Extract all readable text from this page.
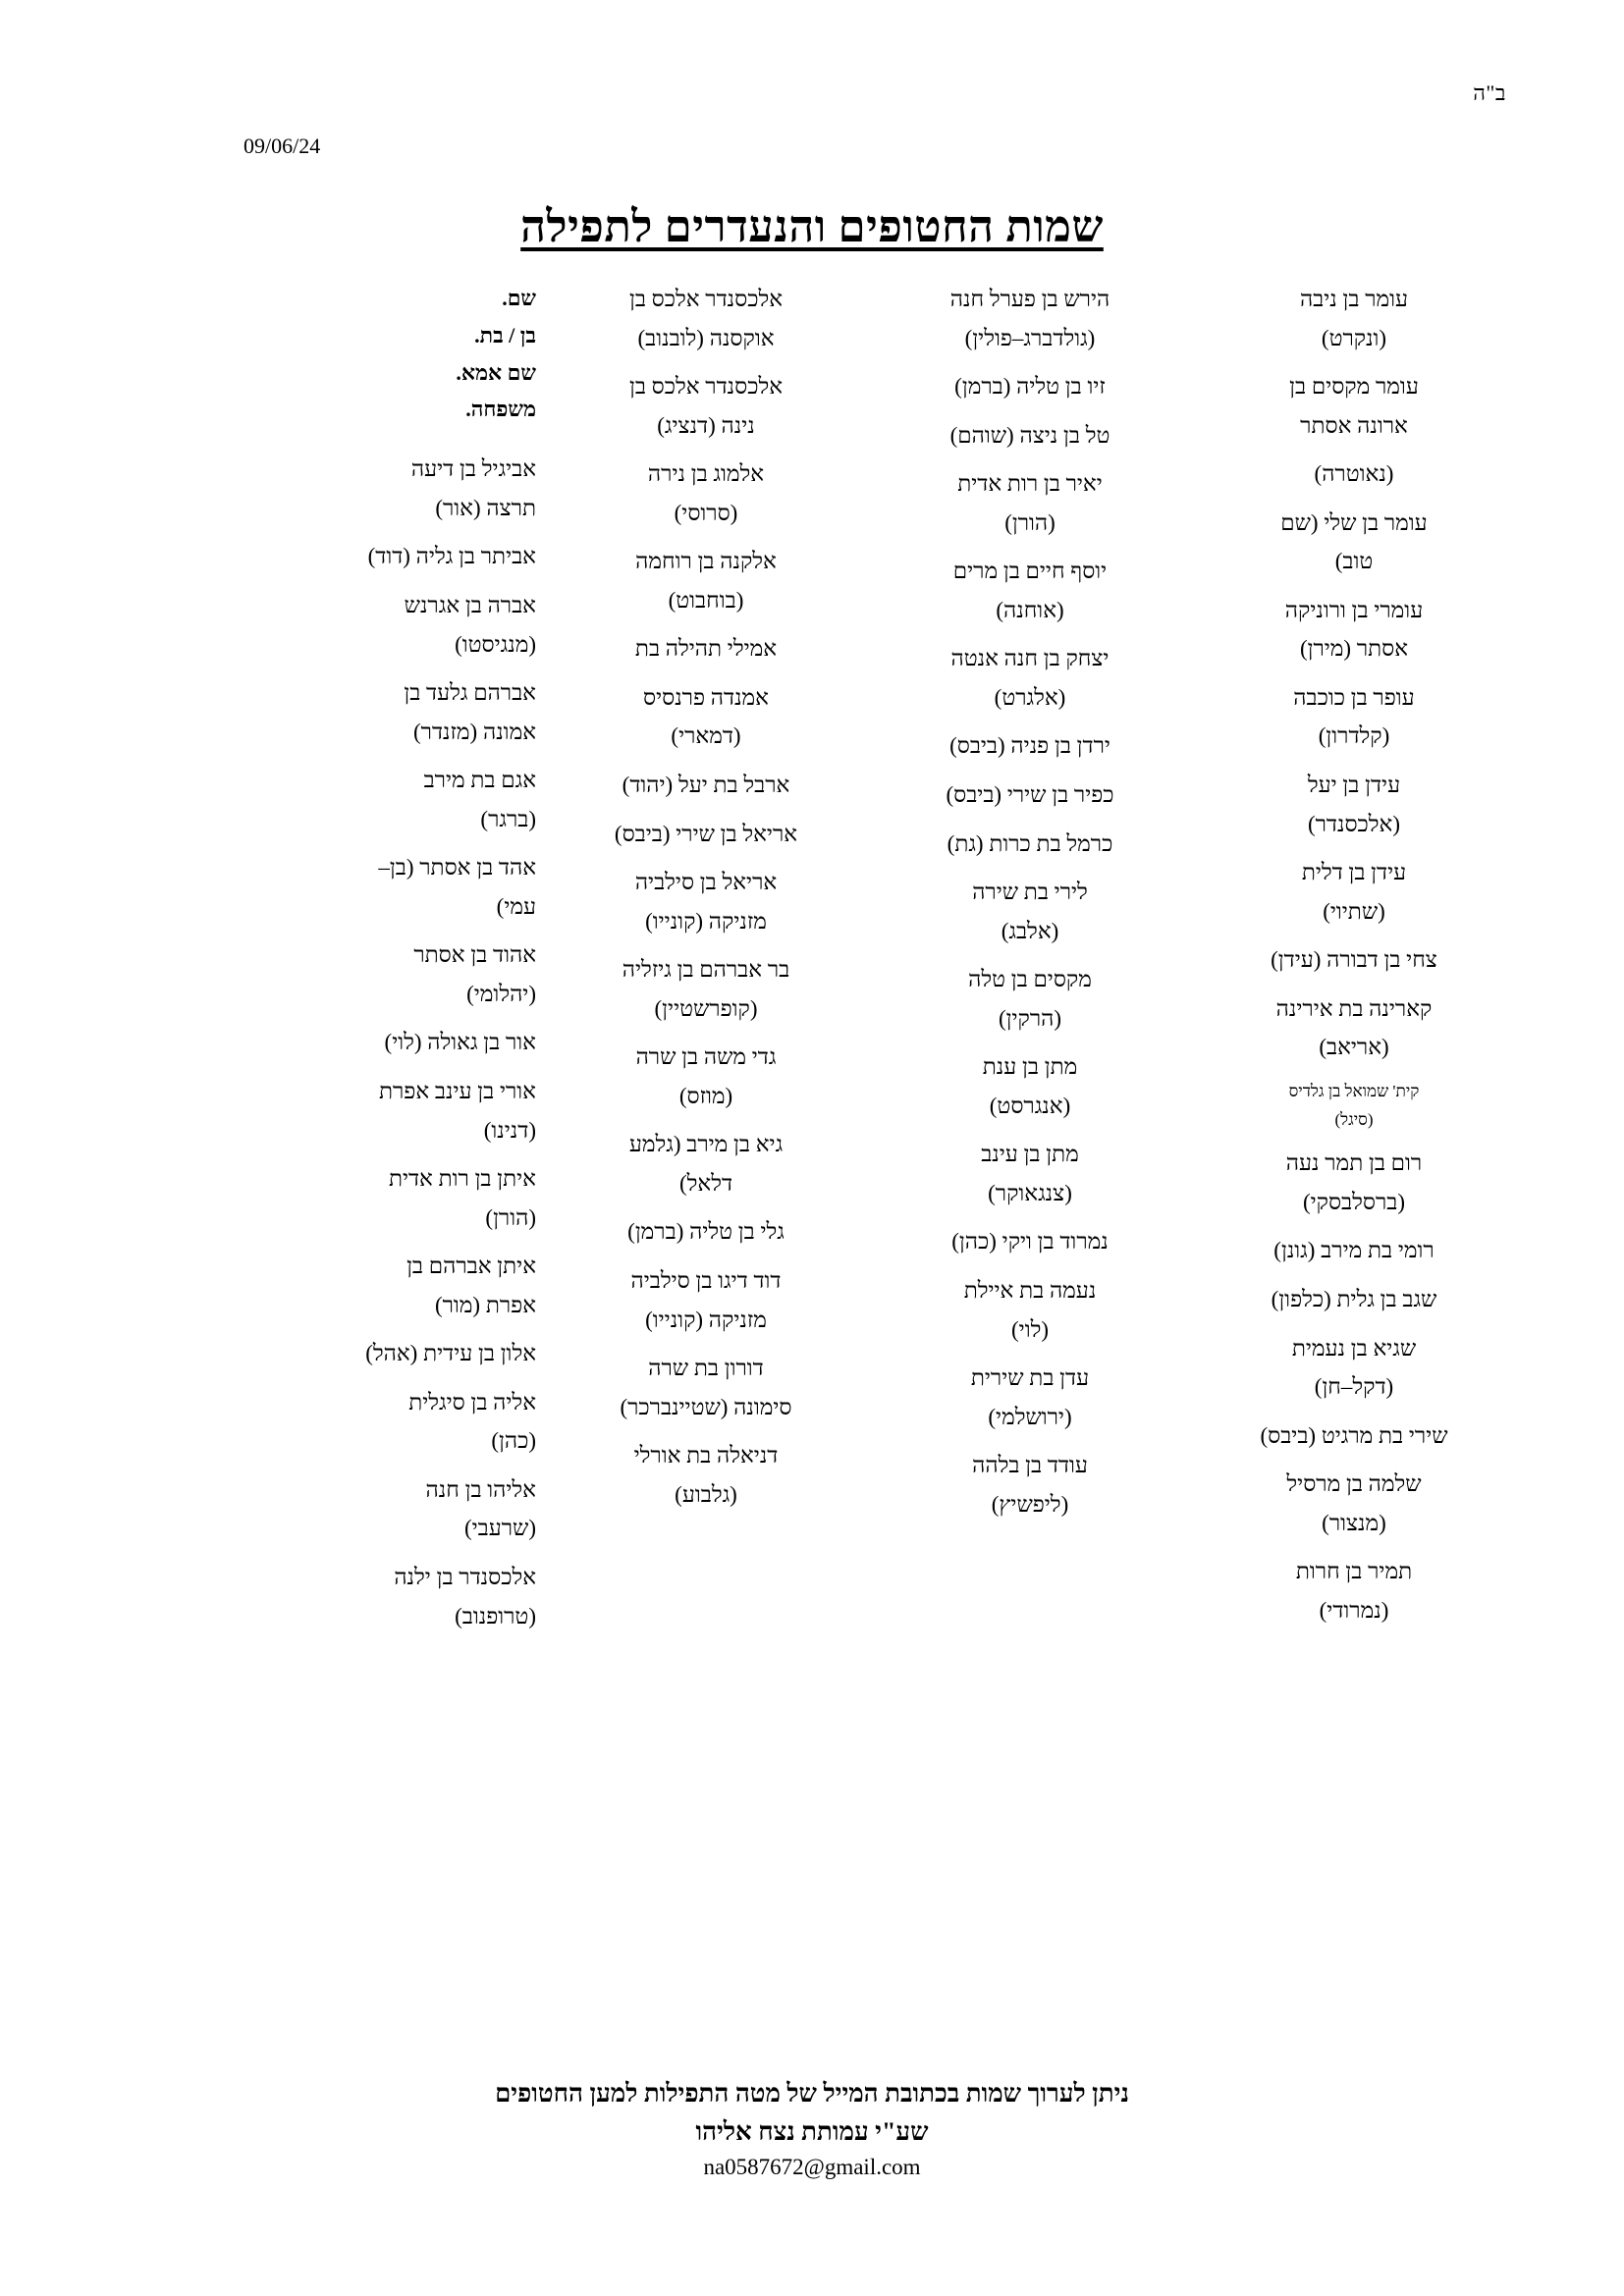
ב"ה
09/06/24
שמות החטופים והנעדרים לתפילה
עומר בן ניבה
(ונקרט)
עומר מקסים בן
ארונה אסתר
(נאוטרה)
עומר בן שלי (שם
טוב)
עומרי בן ורוניקה
אסתר (מירן)
עופר בן כוכבה
(קלדרון)
עידן בן יעל
(אלכסנדר)
עידן בן דלית
(שתיוי)
צחי בן דבורה (עידן)
קארינה בת אירינה
(אריאב)
קית' שמואל בן גלדיס
(סיגל)
רום בן תמר נעה
(ברסלבסקי)
רומי בת מירב (גונן)
שגב בן גלית (כלפון)
שגיא בן נעמית
(דקל–חן)
שירי בת מרגיט (ביבס)
שלמה בן מרסיל
(מנצור)
תמיר בן חרות
(נמרודי)
הירש בן פערל חנה
(גולדברג–פולין)
זיו בן טליה (ברמן)
טל בן ניצה (שוהם)
יאיר בן רות אדית
(הורן)
יוסף חיים בן מרים
(אוחנה)
יצחק בן חנה אנטה
(אלגרט)
ירדן בן פניה (ביבס)
כפיר בן שירי (ביבס)
כרמל בת כרות (גת)
לירי בת שירה
(אלבג)
מקסים בן טלה
(הרקין)
מתן בן ענת
(אנגרסט)
מתן בן עינב
(צנגאוקר)
נמרוד בן ויקי (כהן)
נעמה בת איילת
(לוי)
עדן בת שירית
(ירושלמי)
עודד בן בלהה
(ליפשיץ)
אלכסנדר אלכס בן
אוקסנה (לובנוב)
אלכסנדר אלכס בן
נינה (דנציג)
אלמוג בן נירה
(סרוסי)
אלקנה בן רוחמה
(בוחבוט)
אמילי תהילה בת
אמנדה פרנסיס
(דמארי)
ארבל בת יעל (יהוד)
אריאל בן שירי (ביבס)
אריאל בן סילביה
מזניקה (קונייו)
בר אברהם בן גיזליה
(קופרשטיין)
גדי משה בן שרה
(מוזס)
גיא בן מירב (גלמע
דלאל)
גלי בן טליה (ברמן)
דוד דיגו בן סילביה
מזניקה (קונייו)
דורון בת שרה
סימונה (שטיינברכר)
דניאלה בת אורלי
(גלבוע)
שם.
בן / בת.
שם אמא.
משפחה.
אביגיל בן דיעה
תרצה (אור)
אביתר בן גליה (דוד)
אברה בן אגרנש
(מנגיסטו)
אברהם גלעד בן
אמונה (מזנדר)
אגם בת מירב
(ברגר)
אהד בן אסתר (בן–
עמי)
אהוד בן אסתר
(יהלומי)
אור בן גאולה (לוי)
אורי בן עינב אפרת
(דנינו)
איתן בן רות אדית
(הורן)
איתן אברהם בן
אפרת (מור)
אלון בן עידית (אהל)
אליה בן סיגלית
(כהן)
אליהו בן חנה
(שרעבי)
אלכסנדר בן ילנה
(טרופנוב)
ניתן לערוך שמות בכתובת המייל של מטה התפילות למען החטופים
שע"י עמותת נצח אליהו
na0587672@gmail.com
